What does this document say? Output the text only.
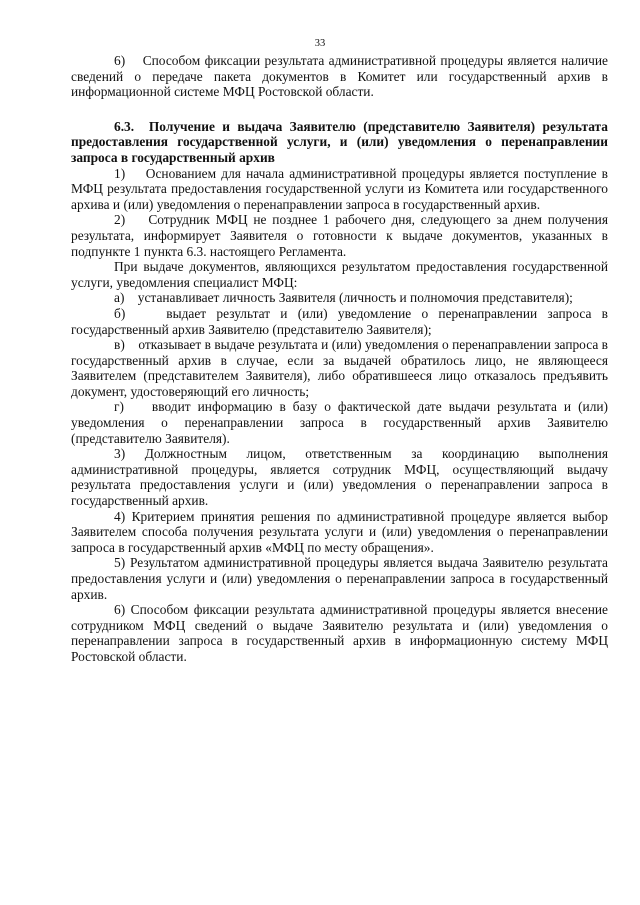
33

6)    Способом фиксации результата административной процедуры является наличие сведений о передаче пакета документов в Комитет или государственный архив в информационной системе МФЦ Ростовской области.

6.3.  Получение и выдача Заявителю (представителю Заявителя) результата предоставления государственной услуги, и (или) уведомления о перенаправлении запроса в государственный архив

1)    Основанием для начала административной процедуры является поступление в МФЦ результата предоставления государственной услуги из Комитета или государственного архива и (или) уведомления о перенаправлении запроса в государственный архив.

2)    Сотрудник МФЦ не позднее 1 рабочего дня, следующего за днем получения результата, информирует Заявителя о готовности к выдаче документов, указанных в подпункте 1 пункта 6.3. настоящего Регламента.

При выдаче документов, являющихся результатом предоставления государственной услуги, уведомления специалист МФЦ:

а)    устанавливает личность Заявителя (личность и полномочия представителя);

б)    выдает результат и (или) уведомление о перенаправлении запроса в государственный архив Заявителю (представителю Заявителя);

в)    отказывает в выдаче результата и (или) уведомления о перенаправлении запроса в государственный архив в случае, если за выдачей обратилось лицо, не являющееся Заявителем (представителем Заявителя), либо обратившееся лицо отказалось предъявить документ, удостоверяющий его личность;

г)    вводит информацию в базу о фактической дате выдачи результата и (или) уведомления о перенаправлении запроса в государственный архив Заявителю (представителю Заявителя).

3) Должностным лицом, ответственным за координацию выполнения административной процедуры, является сотрудник МФЦ, осуществляющий выдачу результата предоставления услуги и (или) уведомления о перенаправлении запроса в государственный архив.

4) Критерием принятия решения по административной процедуре является выбор Заявителем способа получения результата услуги и (или) уведомления о перенаправлении запроса в государственный архив «МФЦ по месту обращения».

5) Результатом административной процедуры является выдача Заявителю результата предоставления услуги и (или) уведомления о перенаправлении запроса в государственный архив.

6) Способом фиксации результата административной процедуры является внесение сотрудником МФЦ сведений о выдаче Заявителю результата и (или) уведомления о перенаправлении запроса в государственный архив в информационную систему МФЦ Ростовской области.
